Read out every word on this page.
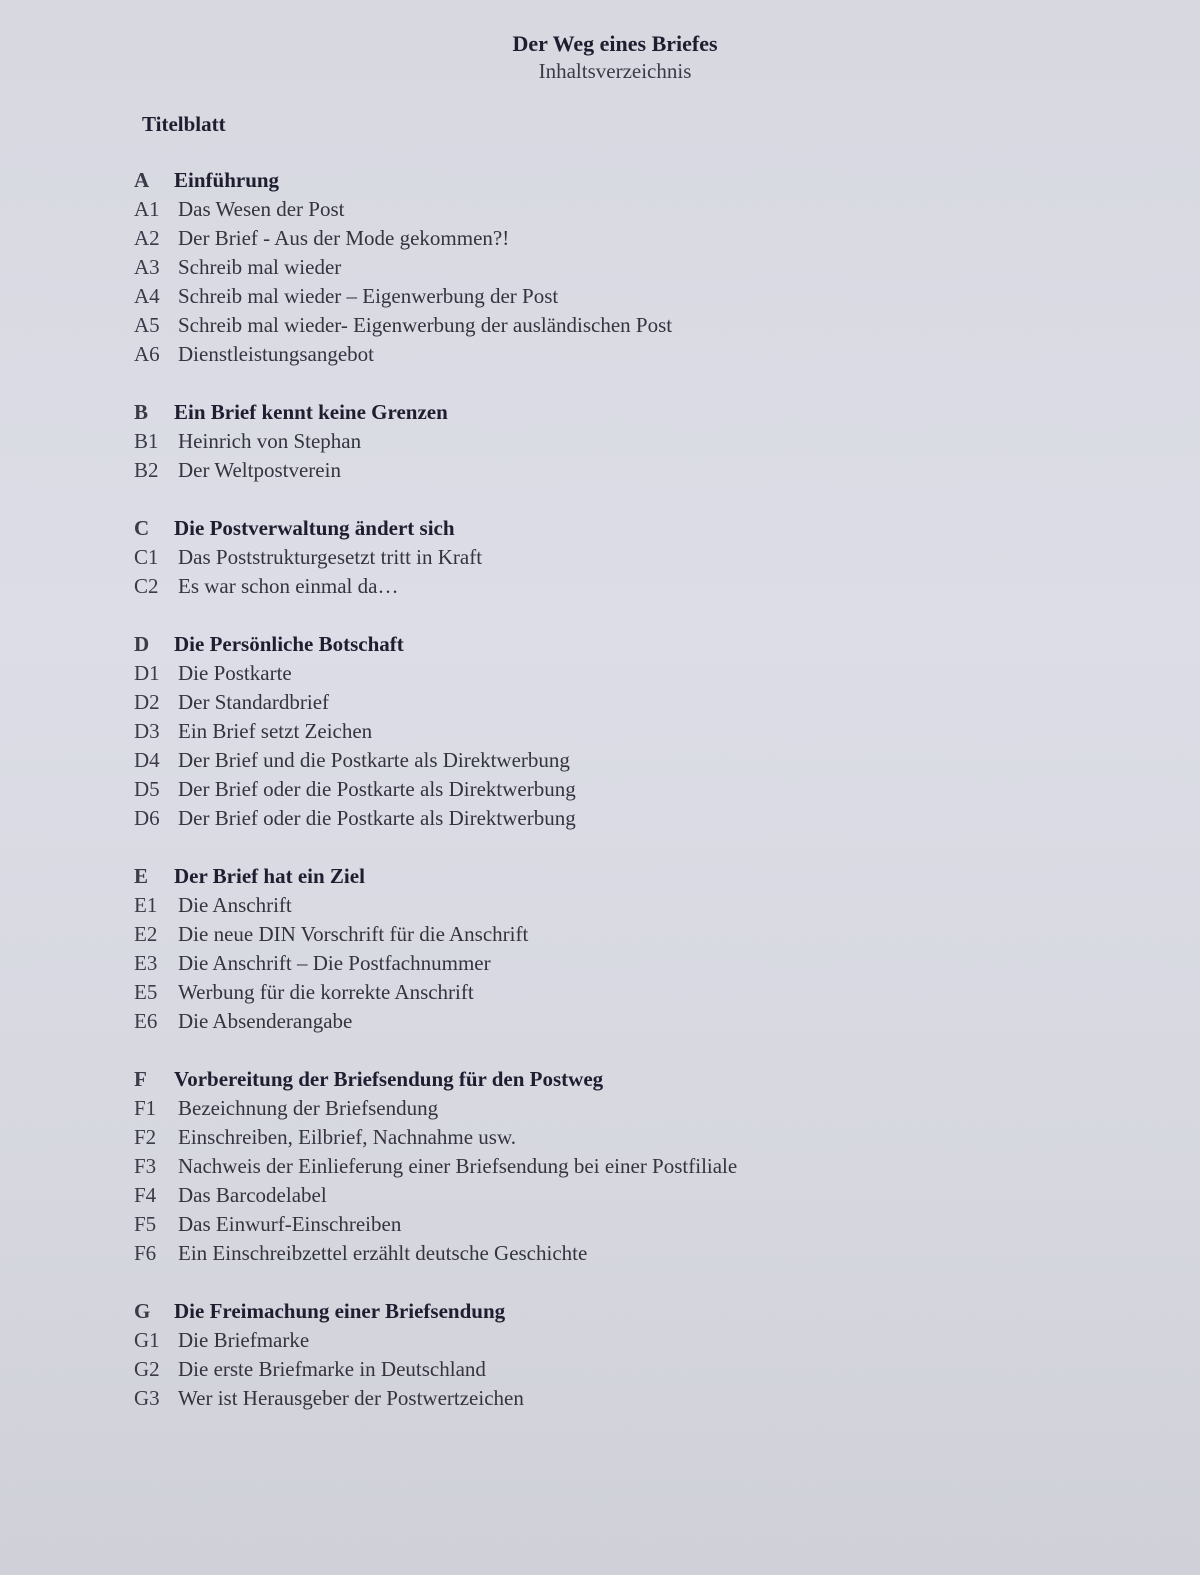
Der Weg eines Briefes
Inhaltsverzeichnis
Titelblatt
A	Einführung
A1 Das Wesen der Post
A2 Der Brief - Aus der Mode gekommen?!
A3 Schreib mal wieder
A4 Schreib mal wieder – Eigenwerbung der Post
A5 Schreib mal wieder- Eigenwerbung der ausländischen Post
A6 Dienstleistungsangebot
B	Ein Brief kennt keine Grenzen
B1 Heinrich von Stephan
B2 Der Weltpostverein
C	Die Postverwaltung ändert sich
C1 Das Poststrukturgesetzt tritt in Kraft
C2 Es war schon einmal da…
D	Die Persönliche Botschaft
D1 Die Postkarte
D2 Der Standardbrief
D3 Ein Brief setzt Zeichen
D4 Der Brief und die Postkarte als Direktwerbung
D5 Der Brief oder die Postkarte als Direktwerbung
D6 Der Brief oder die Postkarte als Direktwerbung
E	Der Brief hat ein Ziel
E1 Die Anschrift
E2 Die neue DIN Vorschrift für die Anschrift
E3 Die Anschrift – Die Postfachnummer
E5 Werbung für die korrekte Anschrift
E6 Die Absenderangabe
F	Vorbereitung der Briefsendung für den Postweg
F1	Bezeichnung der Briefsendung
F2	Einschreiben, Eilbrief, Nachnahme usw.
F3	Nachweis der Einlieferung einer Briefsendung bei einer Postfiliale
F4	Das Barcodelabel
F5	Das Einwurf-Einschreiben
F6	Ein Einschreibzettel erzählt deutsche Geschichte
G	Die Freimachung einer Briefsendung
G1 Die Briefmarke
G2 Die erste Briefmarke in Deutschland
G3 Wer ist Herausgeber der Postwertzeichen
